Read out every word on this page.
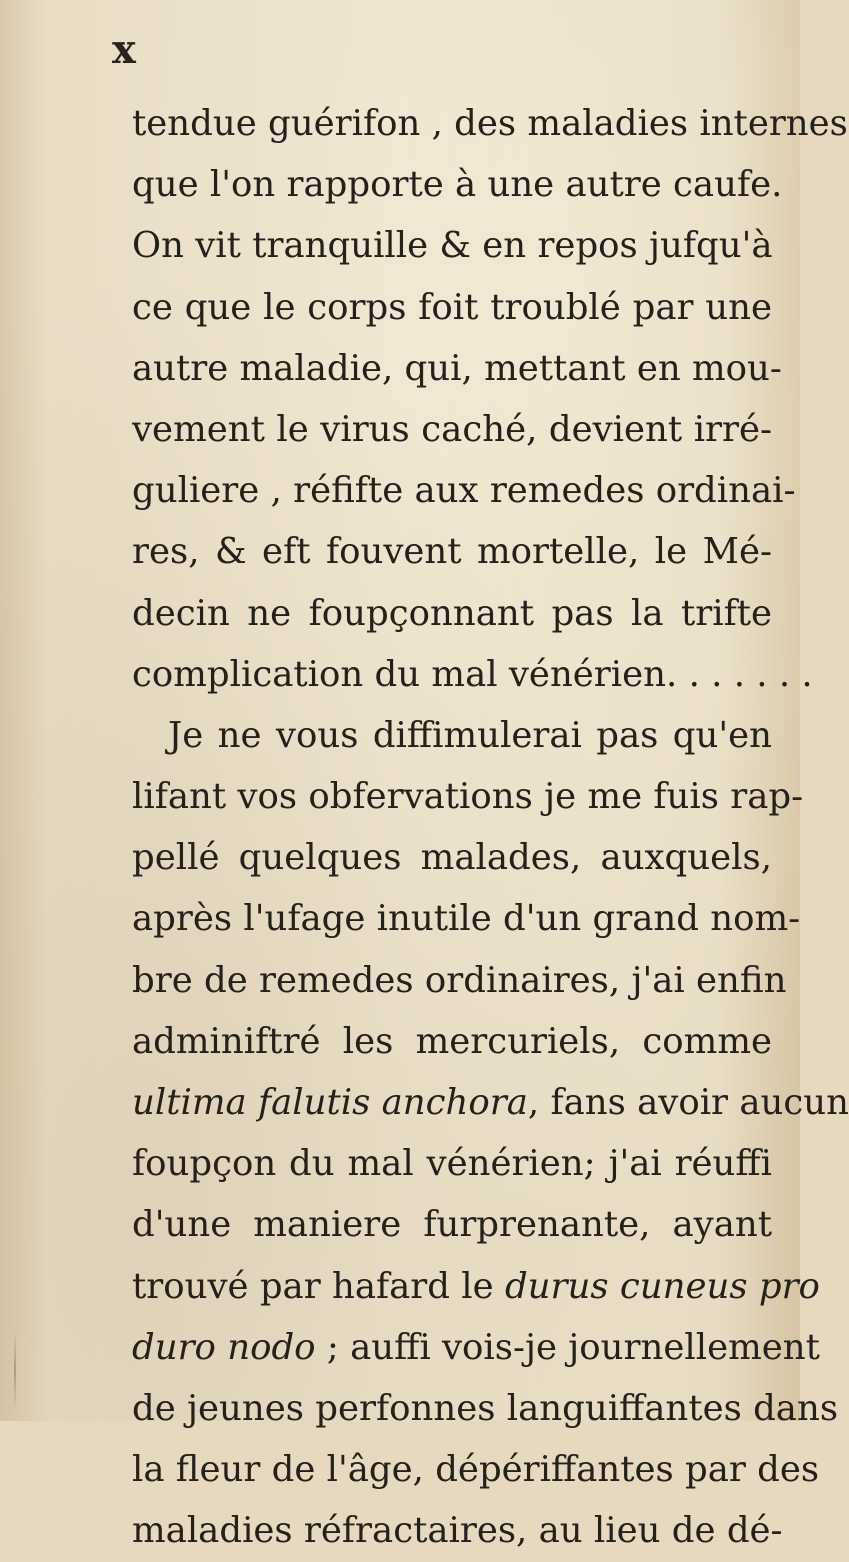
x
tendue guérifon , des maladies internes
que l'on rapporte à une autre caufe.
On vit tranquille & en repos jufqu'à
ce que le corps foit troublé par une
autre maladie, qui, mettant en mou-
vement le virus caché, devient irré-
guliere , réfifte aux remedes ordinai-
res, & eft fouvent mortelle, le Mé-
decin ne foupçonnant pas la trifte
complication du mal vénérien. . . . . . .
Je ne vous diffimulerai pas qu'en
lifant vos obfervations je me fuis rap-
pellé quelques malades, auxquels,
après l'ufage inutile d'un grand nom-
bre de remedes ordinaires, j'ai enfin
adminiftré les mercuriels, comme
ultima falutis anchora, fans avoir aucun
foupçon du mal vénérien; j'ai réuffi
d'une maniere furprenante, ayant
trouvé par hafard le durus cuneus pro
duro nodo ; auffi vois-je journellement
de jeunes perfonnes languiffantes dans
la fleur de l'âge, dépériffantes par des
maladies réfractaires, au lieu de dé-
